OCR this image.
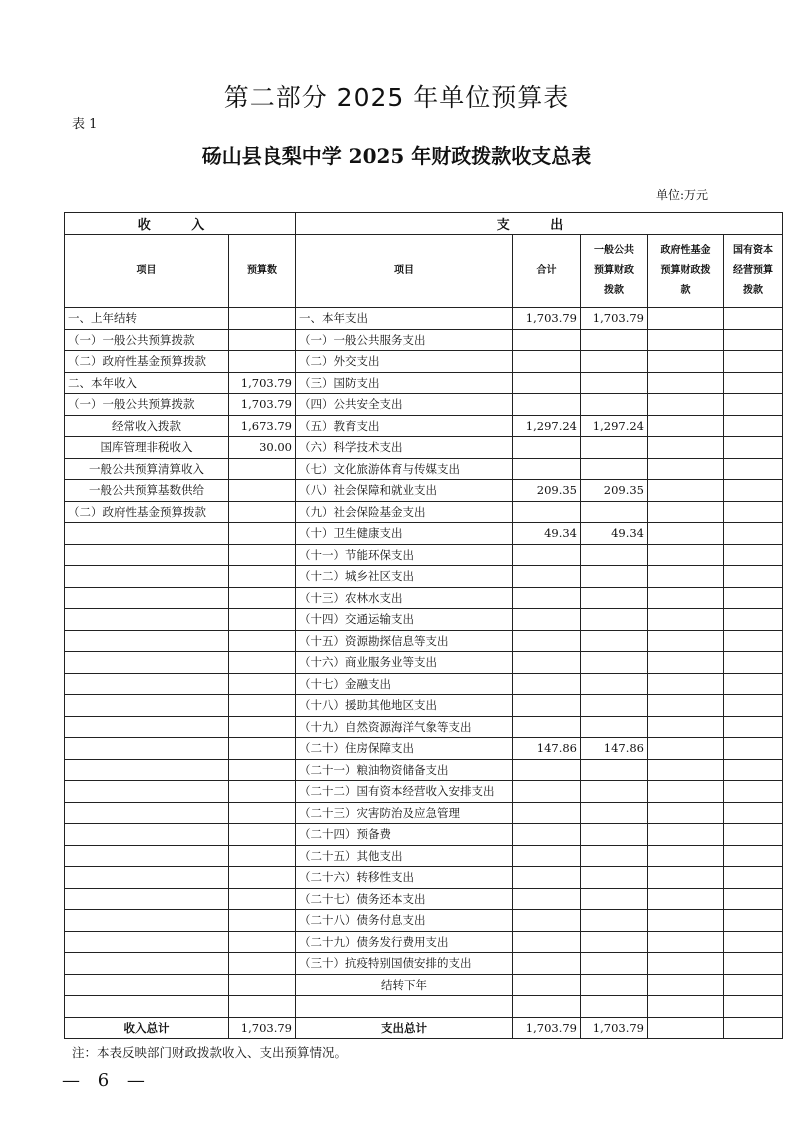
第二部分 2025 年单位预算表
表 1
砀山县良梨中学 2025 年财政拨款收支总表
单位:万元
收 入		支 出				
项目	预算数	项目	合计	一般公共预算财政拨款	政府性基金预算财政拨款	国有资本经营预算拨款
一、上年结转		一、本年支出	1,703.79	1,703.79		
（一）一般公共预算拨款		（一）一般公共服务支出				
（二）政府性基金预算拨款		（二）外交支出				
二、本年收入	1,703.79	（三）国防支出				
（一）一般公共预算拨款	1,703.79	（四）公共安全支出				
经常收入拨款	1,673.79	（五）教育支出	1,297.24	1,297.24		
国库管理非税收入	30.00	（六）科学技术支出				
一般公共预算清算收入		（七）文化旅游体育与传媒支出				
一般公共预算基数供给		（八）社会保障和就业支出	209.35	209.35		
（二）政府性基金预算拨款		（九）社会保险基金支出				
		（十）卫生健康支出	49.34	49.34		
		（十一）节能环保支出				
		（十二）城乡社区支出				
		（十三）农林水支出				
		（十四）交通运输支出				
		（十五）资源勘探信息等支出				
		（十六）商业服务业等支出				
		（十七）金融支出				
		（十八）援助其他地区支出				
		（十九）自然资源海洋气象等支出				
		（二十）住房保障支出	147.86	147.86		
		（二十一）粮油物资储备支出				
		（二十二）国有资本经营收入安排支出				
		（二十三）灾害防治及应急管理				
		（二十四）预备费				
		（二十五）其他支出				
		（二十六）转移性支出				
		（二十七）债务还本支出				
		（二十八）债务付息支出				
		（二十九）债务发行费用支出				
		（三十）抗疫特别国债安排的支出				
		结转下年				

收入总计	1,703.79	支出总计	1,703.79	1,703.79		
注：本表反映部门财政拨款收入、支出预算情况。
— 6 —
